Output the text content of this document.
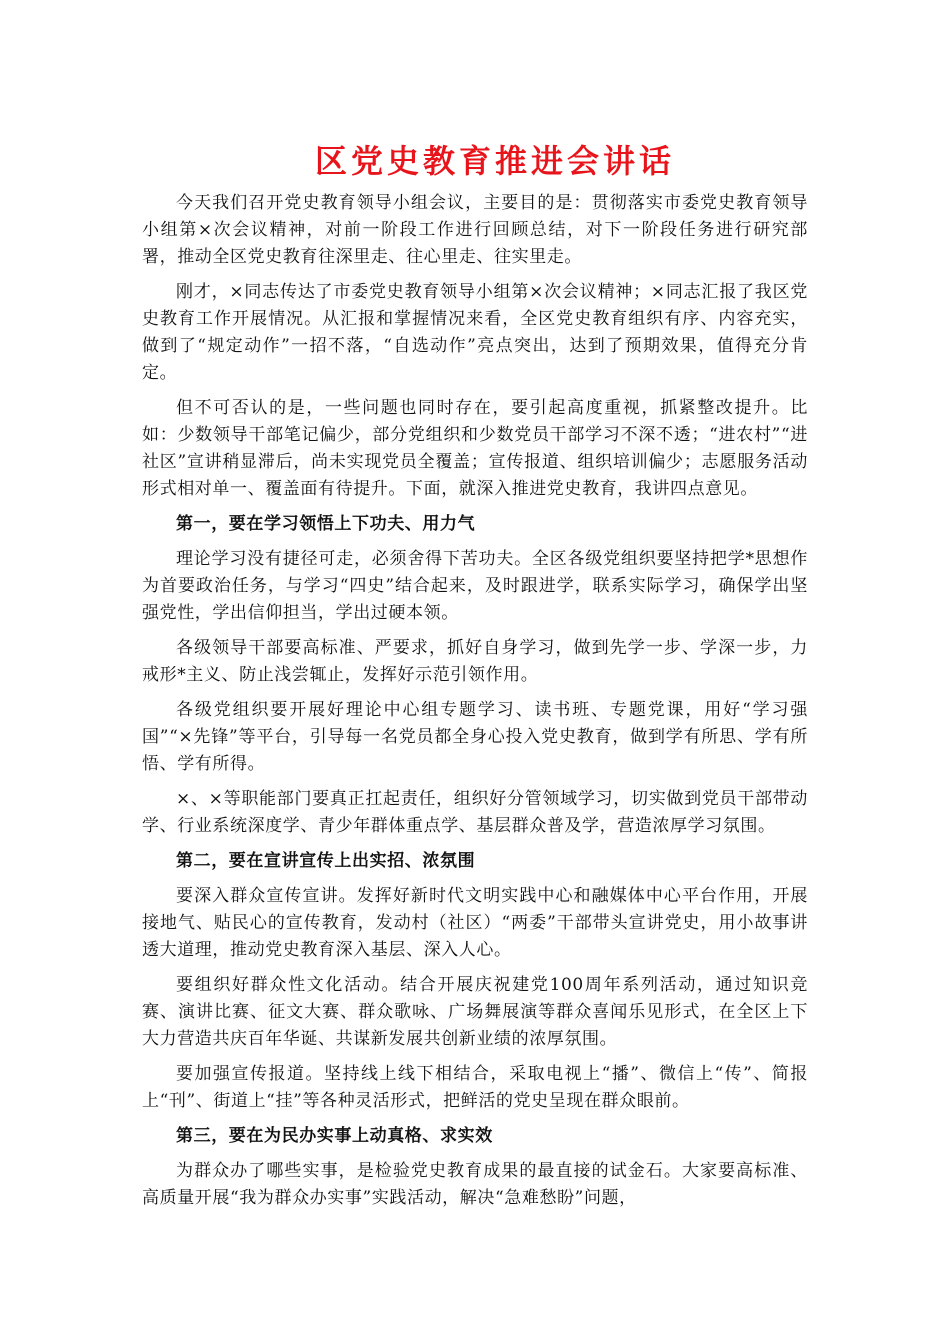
区党史教育推进会讲话

今天我们召开党史教育领导小组会议，主要目的是：贯彻落实市委党史教育领导小组第×次会议精神，对前一阶段工作进行回顾总结，对下一阶段任务进行研究部署，推动全区党史教育往深里走、往心里走、往实里走。

刚才，×同志传达了市委党史教育领导小组第×次会议精神；×同志汇报了我区党史教育工作开展情况。从汇报和掌握情况来看，全区党史教育组织有序、内容充实，做到了“规定动作”一招不落，“自选动作”亮点突出，达到了预期效果，值得充分肯定。

但不可否认的是，一些问题也同时存在，要引起高度重视，抓紧整改提升。比如：少数领导干部笔记偏少，部分党组织和少数党员干部学习不深不透；“进农村”“进社区”宣讲稍显滞后，尚未实现党员全覆盖；宣传报道、组织培训偏少；志愿服务活动形式相对单一、覆盖面有待提升。下面，就深入推进党史教育，我讲四点意见。

第一，要在学习领悟上下功夫、用力气

理论学习没有捷径可走，必须舍得下苦功夫。全区各级党组织要坚持把学*思想作为首要政治任务，与学习“四史”结合起来，及时跟进学，联系实际学习，确保学出坚强党性，学出信仰担当，学出过硬本领。

各级领导干部要高标准、严要求，抓好自身学习，做到先学一步、学深一步，力戒形*主义、防止浅尝辄止，发挥好示范引领作用。

各级党组织要开展好理论中心组专题学习、读书班、专题党课，用好“学习强国”“×先锋”等平台，引导每一名党员都全身心投入党史教育，做到学有所思、学有所悟、学有所得。

×、×等职能部门要真正扛起责任，组织好分管领域学习，切实做到党员干部带动学、行业系统深度学、青少年群体重点学、基层群众普及学，营造浓厚学习氛围。

第二，要在宣讲宣传上出实招、浓氛围

要深入群众宣传宣讲。发挥好新时代文明实践中心和融媒体中心平台作用，开展接地气、贴民心的宣传教育，发动村（社区）“两委”干部带头宣讲党史，用小故事讲透大道理，推动党史教育深入基层、深入人心。

要组织好群众性文化活动。结合开展庆祝建党100周年系列活动，通过知识竞赛、演讲比赛、征文大赛、群众歌咏、广场舞展演等群众喜闻乐见形式，在全区上下大力营造共庆百年华诞、共谋新发展共创新业绩的浓厚氛围。

要加强宣传报道。坚持线上线下相结合，采取电视上“播”、微信上“传”、简报上“刊”、街道上“挂”等各种灵活形式，把鲜活的党史呈现在群众眼前。

第三，要在为民办实事上动真格、求实效

为群众办了哪些实事，是检验党史教育成果的最直接的试金石。大家要高标准、高质量开展“我为群众办实事”实践活动，解决“急难愁盼”问题，
